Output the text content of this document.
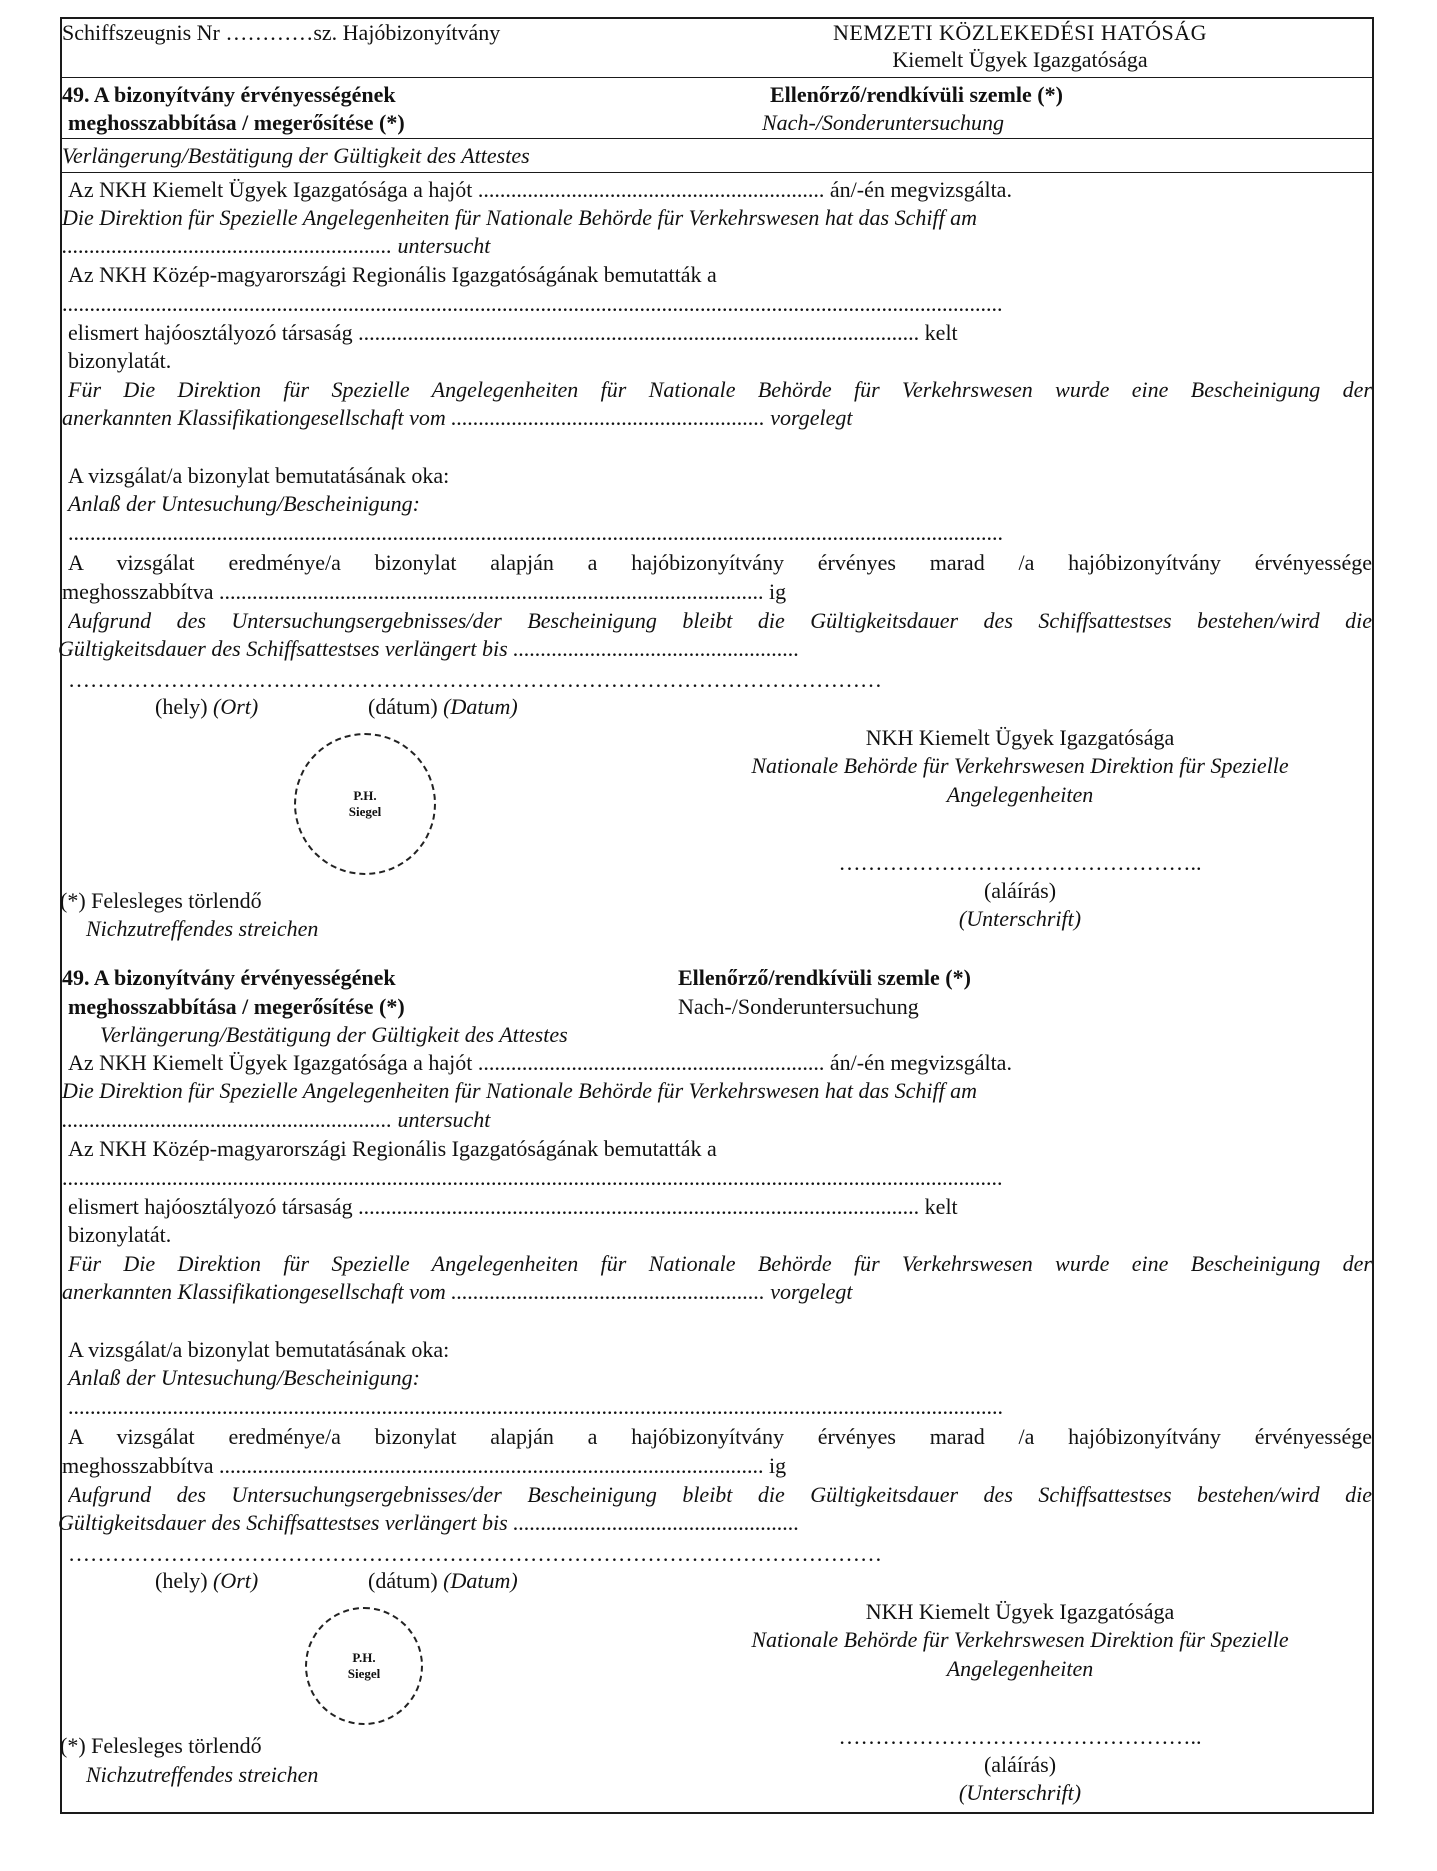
Schiffszeugnis Nr …………sz. Hajóbizonyítvány	NEMZETI KÖZLEKEDÉSI HATÓSÁG
Kiemelt Ügyek Igazgatósága
49. A bizonyítvány érvényességének	Ellenőrző/rendkívüli szemle (*)
meghosszabbítása / megerősítése (*)	Nach-/Sonderuntersuchung
Verlängerung/Bestätigung der Gültigkeit des Attestes
Az NKH Kiemelt Ügyek Igazgatósága a hajót ............................................................... án/-én megvizsgálta.
Die Direktion für Spezielle Angelegenheiten für Nationale Behörde für Verkehrswesen hat das Schiff am
............................................................ untersucht
Az NKH Közép-magyarországi Regionális Igazgatóságának bemutatták a
...........................................................................................................................................................................
elismert hajóosztályozó társaság ...................................................................................................... kelt
bizonylatát.
Für Die Direktion für Spezielle Angelegenheiten für Nationale Behörde für Verkehrswesen wurde eine Bescheinigung der
anerkannten Klassifikationgesellschaft vom ......................................................... vorgelegt
A vizsgálat/a bizonylat bemutatásának oka:
Anlaß der Untesuchung/Bescheinigung:
..........................................................................................................................................................................
A vizsgálat eredménye/a bizonylat alapján a hajóbizonyítvány érvényes marad /a hajóbizonyítvány érvényessége
meghosszabbítva ................................................................................................... ig
Aufgrund des Untersuchungsergebnisses/der Bescheinigung bleibt die Gültigkeitsdauer des Schiffsattestses bestehen/wird die
Gültigkeitsdauer des Schiffsattestses verlängert bis ....................................................
…………………………………………………………………………………………………
(hely) (Ort)	(dátum) (Datum)
NKH Kiemelt Ügyek Igazgatósága
Nationale Behörde für Verkehrswesen Direktion für Spezielle
Angelegenheiten
P.H.
Siegel
…………………………………………..
(aláírás)
(Unterschrift)
(*) Felesleges törlendő
Nichzutreffendes streichen
49. A bizonyítvány érvényességének	Ellenőrző/rendkívüli szemle (*)
meghosszabbítása / megerősítése (*)	Nach-/Sonderuntersuchung
Verlängerung/Bestätigung der Gültigkeit des Attestes
Az NKH Kiemelt Ügyek Igazgatósága a hajót ............................................................... án/-én megvizsgálta.
Die Direktion für Spezielle Angelegenheiten für Nationale Behörde für Verkehrswesen hat das Schiff am
............................................................ untersucht
Az NKH Közép-magyarországi Regionális Igazgatóságának bemutatták a
...........................................................................................................................................................................
elismert hajóosztályozó társaság ...................................................................................................... kelt
bizonylatát.
Für Die Direktion für Spezielle Angelegenheiten für Nationale Behörde für Verkehrswesen wurde eine Bescheinigung der
anerkannten Klassifikationgesellschaft vom ......................................................... vorgelegt
A vizsgálat/a bizonylat bemutatásának oka:
Anlaß der Untesuchung/Bescheinigung:
..........................................................................................................................................................................
A vizsgálat eredménye/a bizonylat alapján a hajóbizonyítvány érvényes marad /a hajóbizonyítvány érvényessége
meghosszabbítva ................................................................................................... ig
Aufgrund des Untersuchungsergebnisses/der Bescheinigung bleibt die Gültigkeitsdauer des Schiffsattestses bestehen/wird die
Gültigkeitsdauer des Schiffsattestses verlängert bis ....................................................
…………………………………………………………………………………………………
(hely) (Ort)	(dátum) (Datum)
NKH Kiemelt Ügyek Igazgatósága
Nationale Behörde für Verkehrswesen Direktion für Spezielle
Angelegenheiten
P.H.
Siegel
…………………………………………..
(aláírás)
(Unterschrift)
(*) Felesleges törlendő
Nichzutreffendes streichen
